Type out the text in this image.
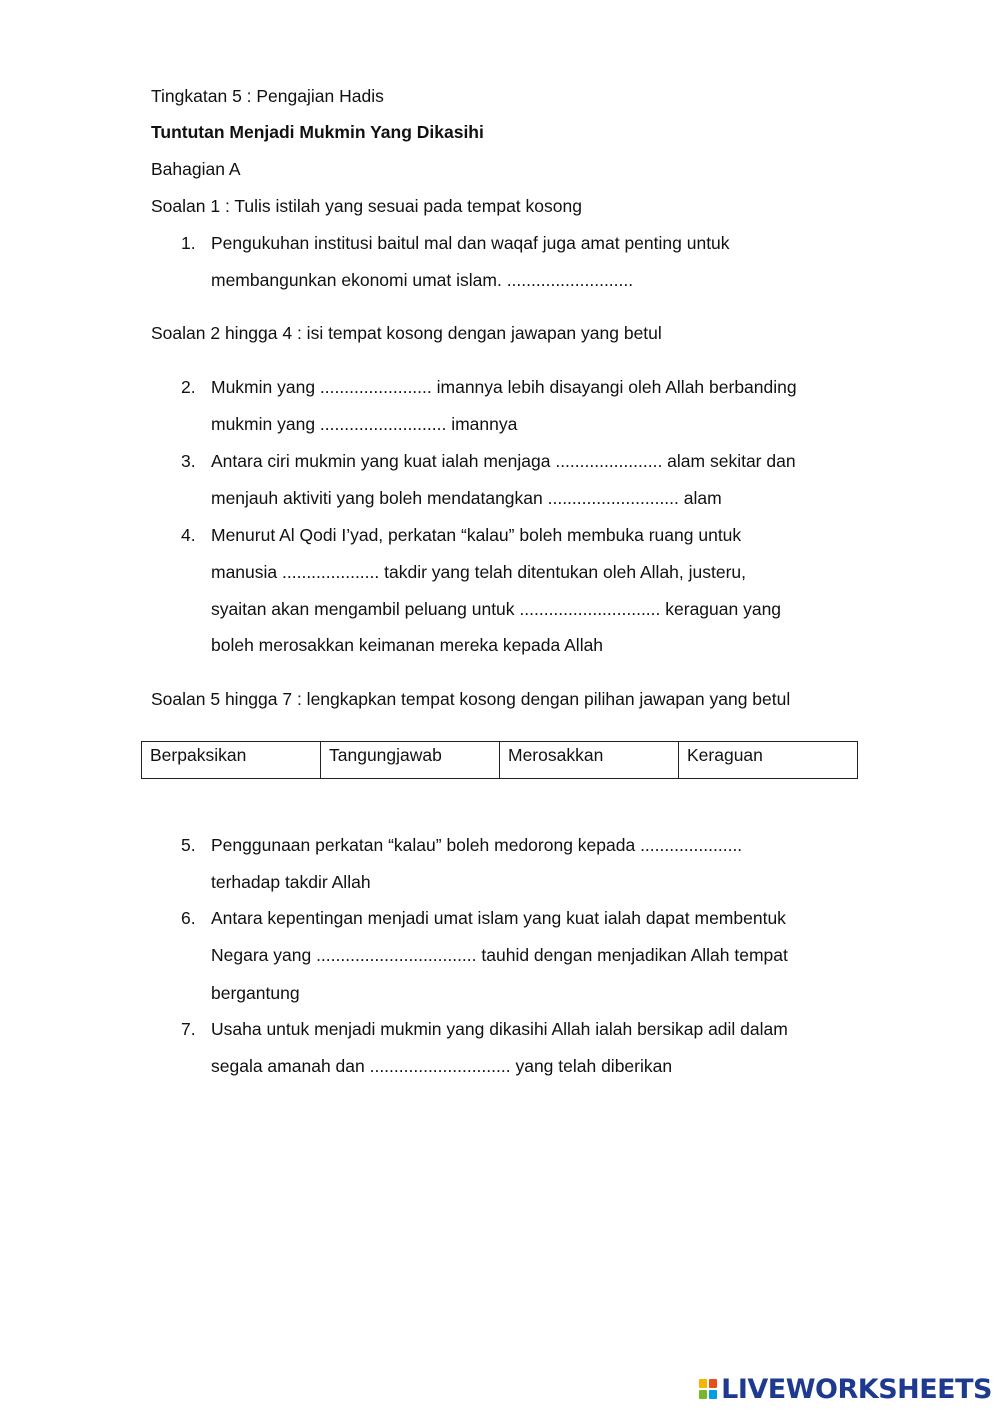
Tingkatan 5 : Pengajian Hadis
Tuntutan Menjadi Mukmin Yang Dikasihi
Bahagian A
Soalan 1 : Tulis istilah yang sesuai pada tempat kosong
1. Pengukuhan institusi baitul mal dan waqaf juga amat penting untuk
membangunkan ekonomi umat islam. ..........................
Soalan 2 hingga 4 : isi tempat kosong dengan jawapan yang betul
2. Mukmin yang ....................... imannya lebih disayangi oleh Allah berbanding
mukmin yang .......................... imannya
3. Antara ciri mukmin yang kuat ialah menjaga ...................... alam sekitar dan
menjauh aktiviti yang boleh mendatangkan ........................... alam
4. Menurut Al Qodi I’yad, perkatan “kalau” boleh membuka ruang untuk
manusia .................... takdir yang telah ditentukan oleh Allah, justeru,
syaitan akan mengambil peluang untuk ............................. keraguan yang
boleh merosakkan keimanan mereka kepada Allah
Soalan 5 hingga 7 : lengkapkan tempat kosong dengan pilihan jawapan yang betul
Berpaksikan	Tangungjawab	Merosakkan	Keraguan
5. Penggunaan perkatan “kalau” boleh medorong kepada .....................
terhadap takdir Allah
6. Antara kepentingan menjadi umat islam yang kuat ialah dapat membentuk
Negara yang ................................. tauhid dengan menjadikan Allah tempat
bergantung
7. Usaha untuk menjadi mukmin yang dikasihi Allah ialah bersikap adil dalam
segala amanah dan ............................. yang telah diberikan
LIVEWORKSHEETS
